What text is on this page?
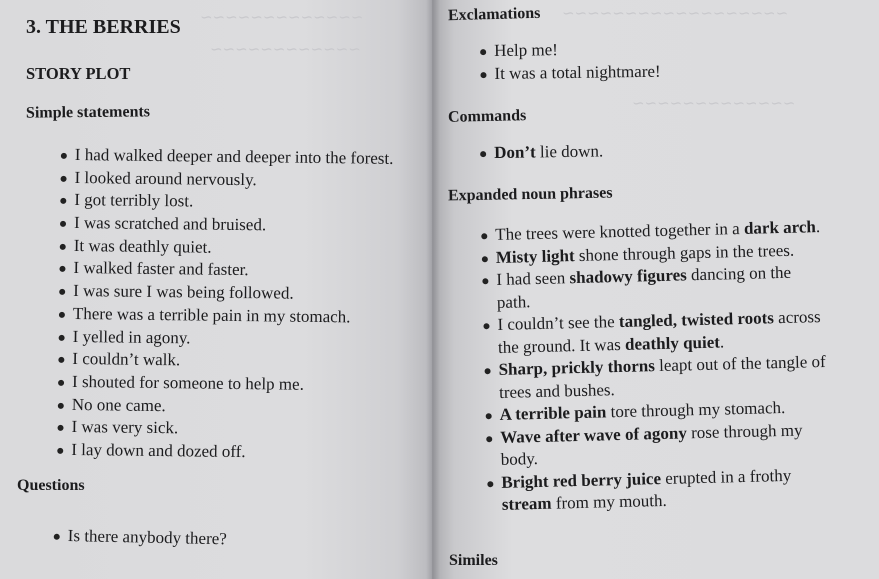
~~~~~~~~~~~~~
~~~~~~~~~~~~
3. THE BERRIES
STORY PLOT
Simple statements
I had walked deeper and deeper into the forest.
I looked around nervously.
I got terribly lost.
I was scratched and bruised.
It was deathly quiet.
I walked faster and faster.
I was sure I was being followed.
There was a terrible pain in my stomach.
I yelled in agony.
I couldn’t walk.
I shouted for someone to help me.
No one came.
I was very sick.
I lay down and dozed off.
Questions
Is there anybody there?
~~~~~~~~~~~~~~~~~~
~~~~~~~~~~~~~
Exclamations
Help me!
It was a total nightmare!
Commands
Don’t lie down.
Expanded noun phrases
The trees were knotted together in a dark arch.
Misty light shone through gaps in the trees.
I had seen shadowy figures dancing on the path.
I couldn’t see the tangled, twisted roots across the ground. It was deathly quiet.
Sharp, prickly thorns leapt out of the tangle of trees and bushes.
A terrible pain tore through my stomach.
Wave after wave of agony rose through my body.
Bright red berry juice erupted in a frothy stream from my mouth.
Similes
